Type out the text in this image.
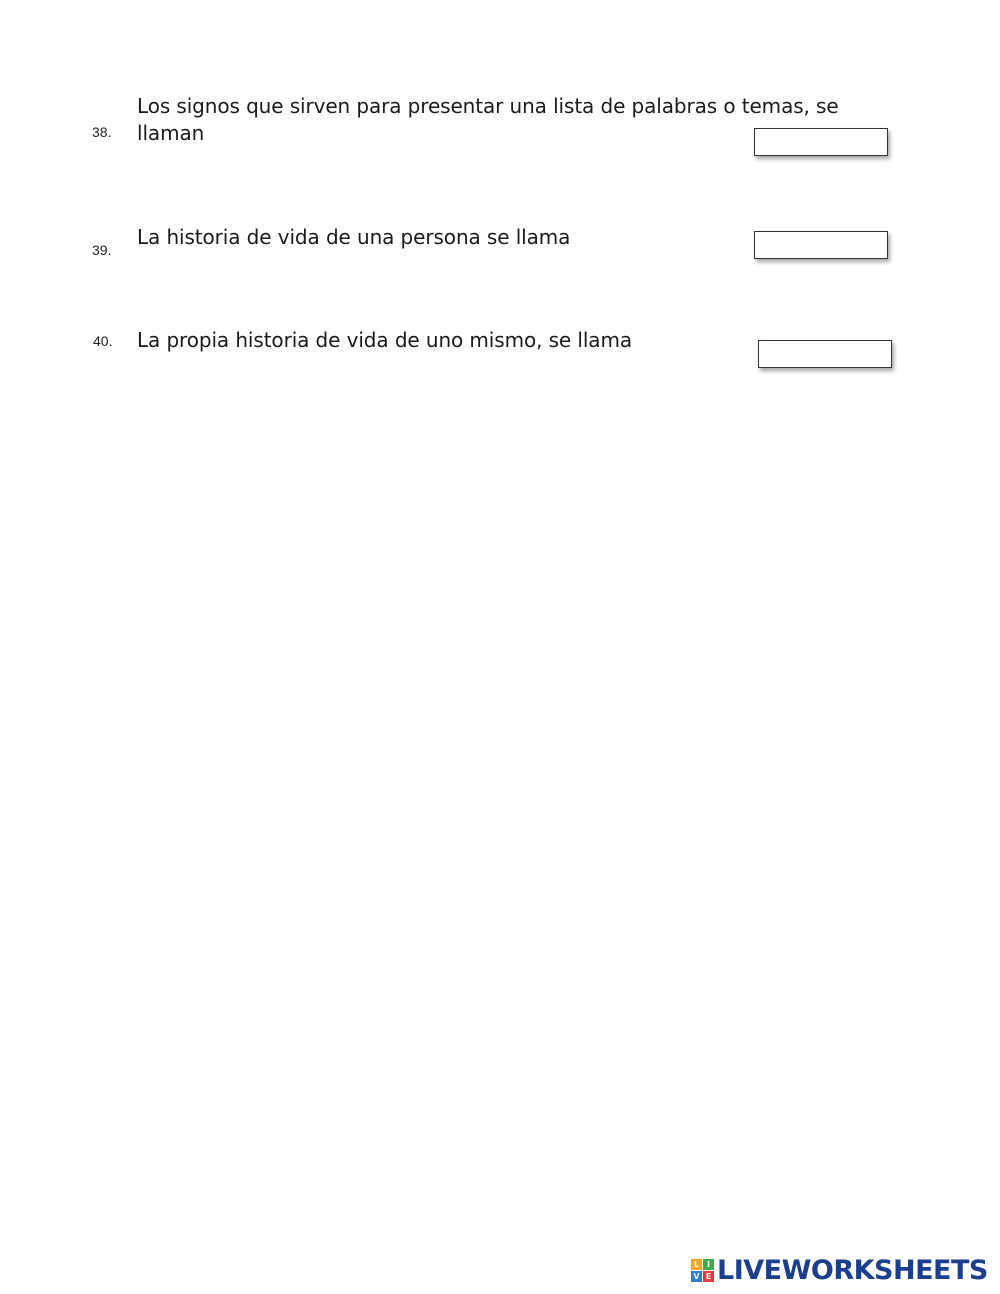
38.
Los signos que sirven para presentar una lista de palabras o temas, se llaman
39.
La historia de vida de una persona se llama
40. La propia historia de vida de uno mismo, se llama
L I
V E LIVEWORKSHEETS
